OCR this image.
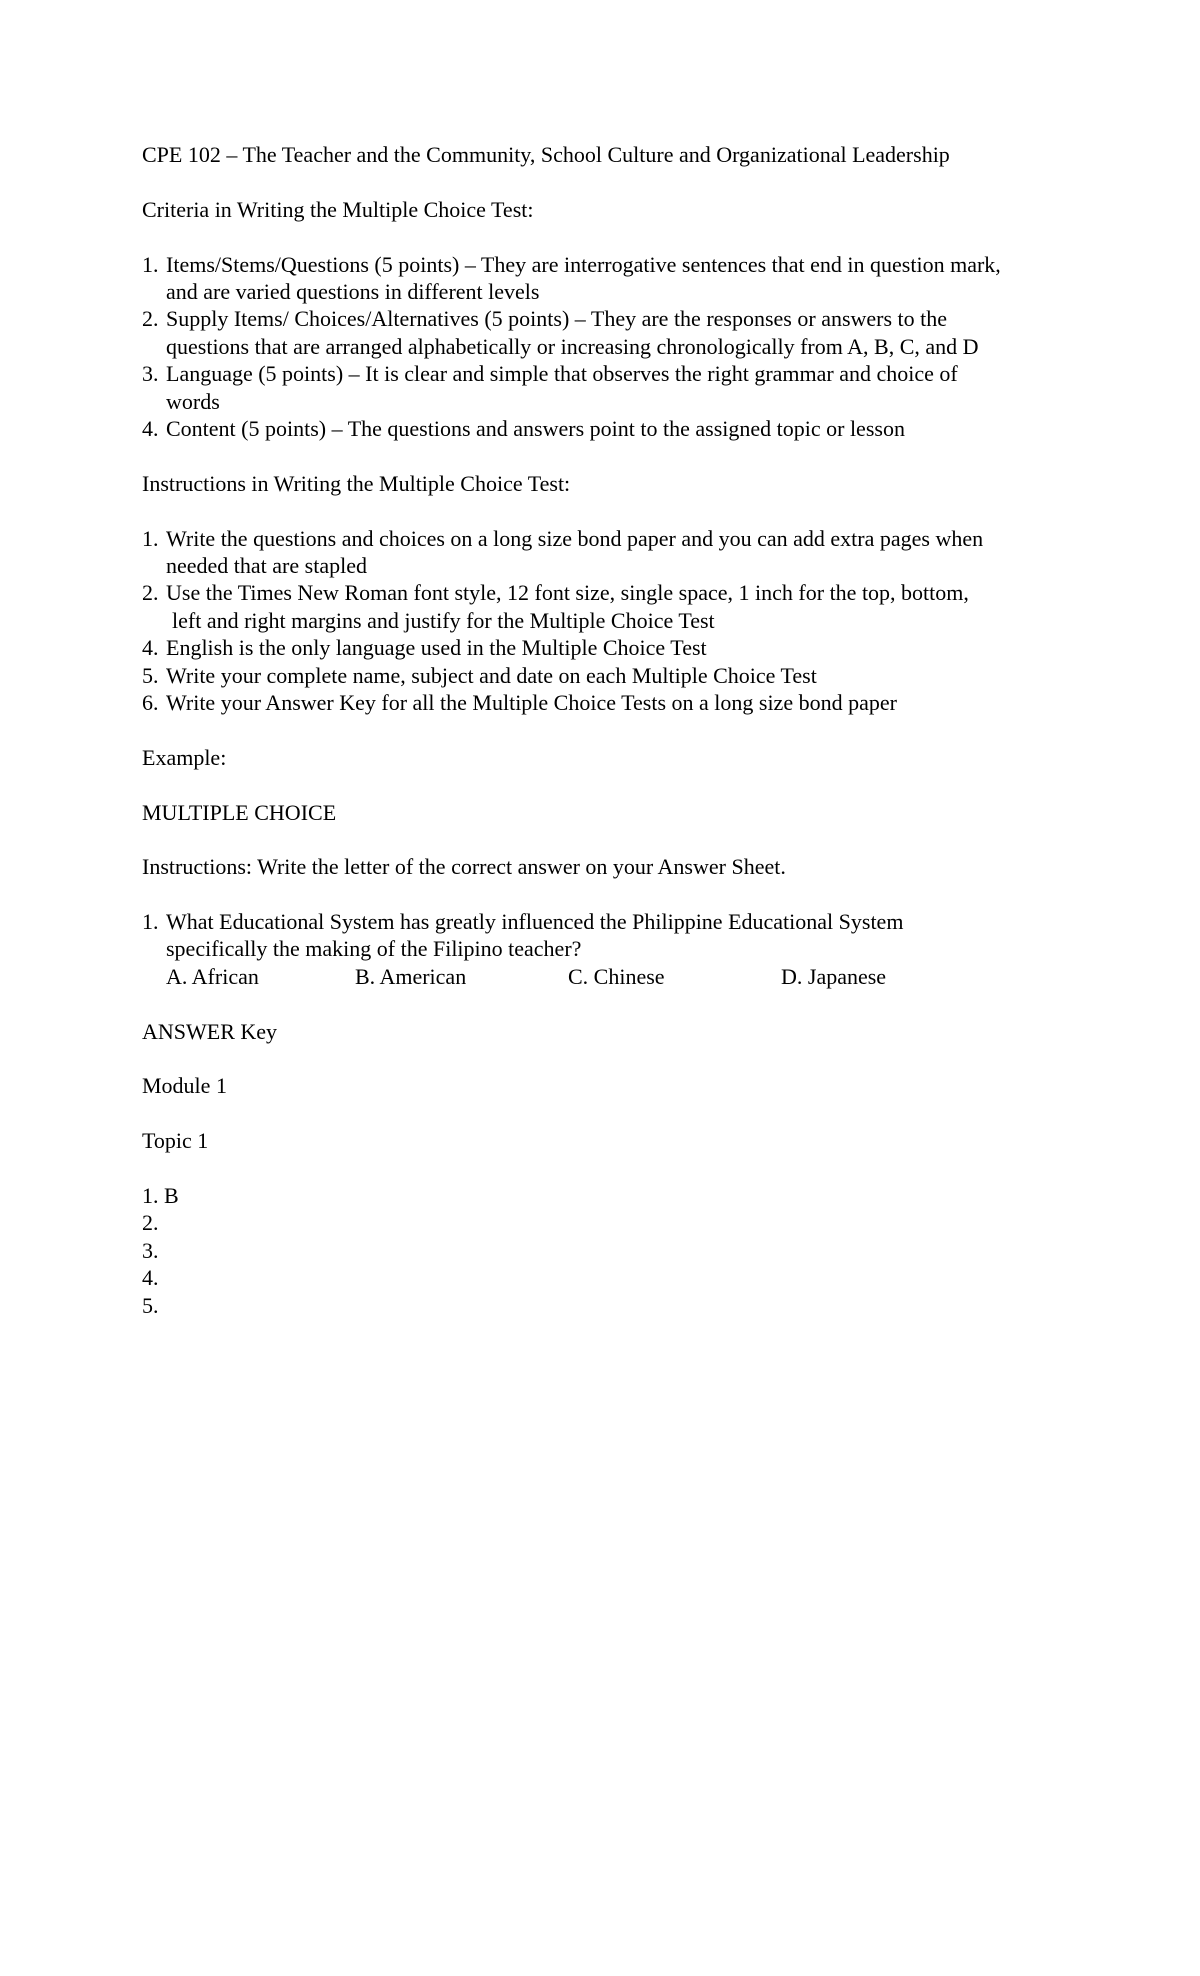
CPE 102 – The Teacher and the Community, School Culture and Organizational Leadership
Criteria in Writing the Multiple Choice Test:
1. Items/Stems/Questions (5 points) – They are interrogative sentences that end in question mark,
and are varied questions in different levels
2. Supply Items/ Choices/Alternatives (5 points) – They are the responses or answers to the
questions that are arranged alphabetically or increasing chronologically from A, B, C, and D
3. Language (5 points) – It is clear and simple that observes the right grammar and choice of
words
4. Content (5 points) – The questions and answers point to the assigned topic or lesson
Instructions in Writing the Multiple Choice Test:
1. Write the questions and choices on a long size bond paper and you can add extra pages when
needed that are stapled
2. Use the Times New Roman font style, 12 font size, single space, 1 inch for the top, bottom,
left and right margins and justify for the Multiple Choice Test
4. English is the only language used in the Multiple Choice Test
5. Write your complete name, subject and date on each Multiple Choice Test
6. Write your Answer Key for all the Multiple Choice Tests on a long size bond paper
Example:
MULTIPLE CHOICE
Instructions: Write the letter of the correct answer on your Answer Sheet.
1. What Educational System has greatly influenced the Philippine Educational System
specifically the making of the Filipino teacher?
A. African	B. American	C. Chinese	D. Japanese
ANSWER Key
Module 1
Topic 1
1. B
2.
3.
4.
5.
